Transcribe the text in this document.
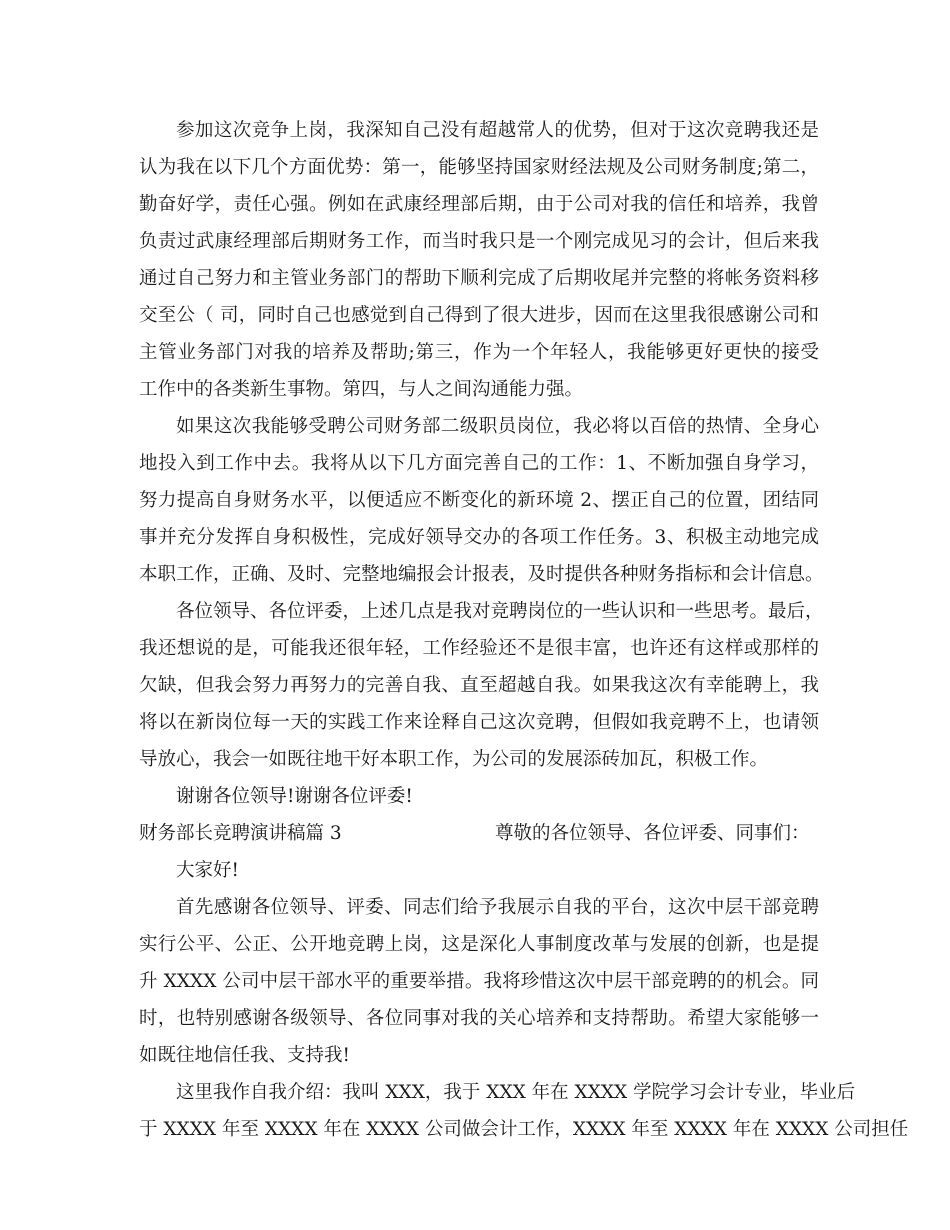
参加这次竞争上岗，我深知自己没有超越常人的优势，但对于这次竞聘我还是
认为我在以下几个方面优势：第一，能够坚持国家财经法规及公司财务制度;第二，
勤奋好学，责任心强。例如在武康经理部后期，由于公司对我的信任和培养，我曾
负责过武康经理部后期财务工作，而当时我只是一个刚完成见习的会计，但后来我
通过自己努力和主管业务部门的帮助下顺利完成了后期收尾并完整的将帐务资料移
交至公（ 司，同时自己也感觉到自己得到了很大进步，因而在这里我很感谢公司和
主管业务部门对我的培养及帮助;第三，作为一个年轻人，我能够更好更快的接受
工作中的各类新生事物。第四，与人之间沟通能力强。
如果这次我能够受聘公司财务部二级职员岗位，我必将以百倍的热情、全身心
地投入到工作中去。我将从以下几方面完善自己的工作：1、不断加强自身学习，
努力提高自身财务水平，以便适应不断变化的新环境 2、摆正自己的位置，团结同
事并充分发挥自身积极性，完成好领导交办的各项工作任务。3、积极主动地完成
本职工作，正确、及时、完整地编报会计报表，及时提供各种财务指标和会计信息。
各位领导、各位评委，上述几点是我对竞聘岗位的一些认识和一些思考。最后，
我还想说的是，可能我还很年轻，工作经验还不是很丰富，也许还有这样或那样的
欠缺，但我会努力再努力的完善自我、直至超越自我。如果我这次有幸能聘上，我
将以在新岗位每一天的实践工作来诠释自己这次竞聘，但假如我竞聘不上，也请领
导放心，我会一如既往地干好本职工作，为公司的发展添砖加瓦，积极工作。
谢谢各位领导!谢谢各位评委!
财务部长竞聘演讲稿篇 3	尊敬的各位领导、各位评委、同事们：
大家好!
首先感谢各位领导、评委、同志们给予我展示自我的平台，这次中层干部竞聘
实行公平、公正、公开地竞聘上岗，这是深化人事制度改革与发展的创新，也是提
升 XXXX 公司中层干部水平的重要举措。我将珍惜这次中层干部竞聘的的机会。同
时，也特别感谢各级领导、各位同事对我的关心培养和支持帮助。希望大家能够一
如既往地信任我、支持我!
这里我作自我介绍：我叫 XXX，我于 XXX 年在 XXXX 学院学习会计专业，毕业后
于 XXXX 年至 XXXX 年在 XXXX 公司做会计工作，XXXX 年至 XXXX 年在 XXXX 公司担任
